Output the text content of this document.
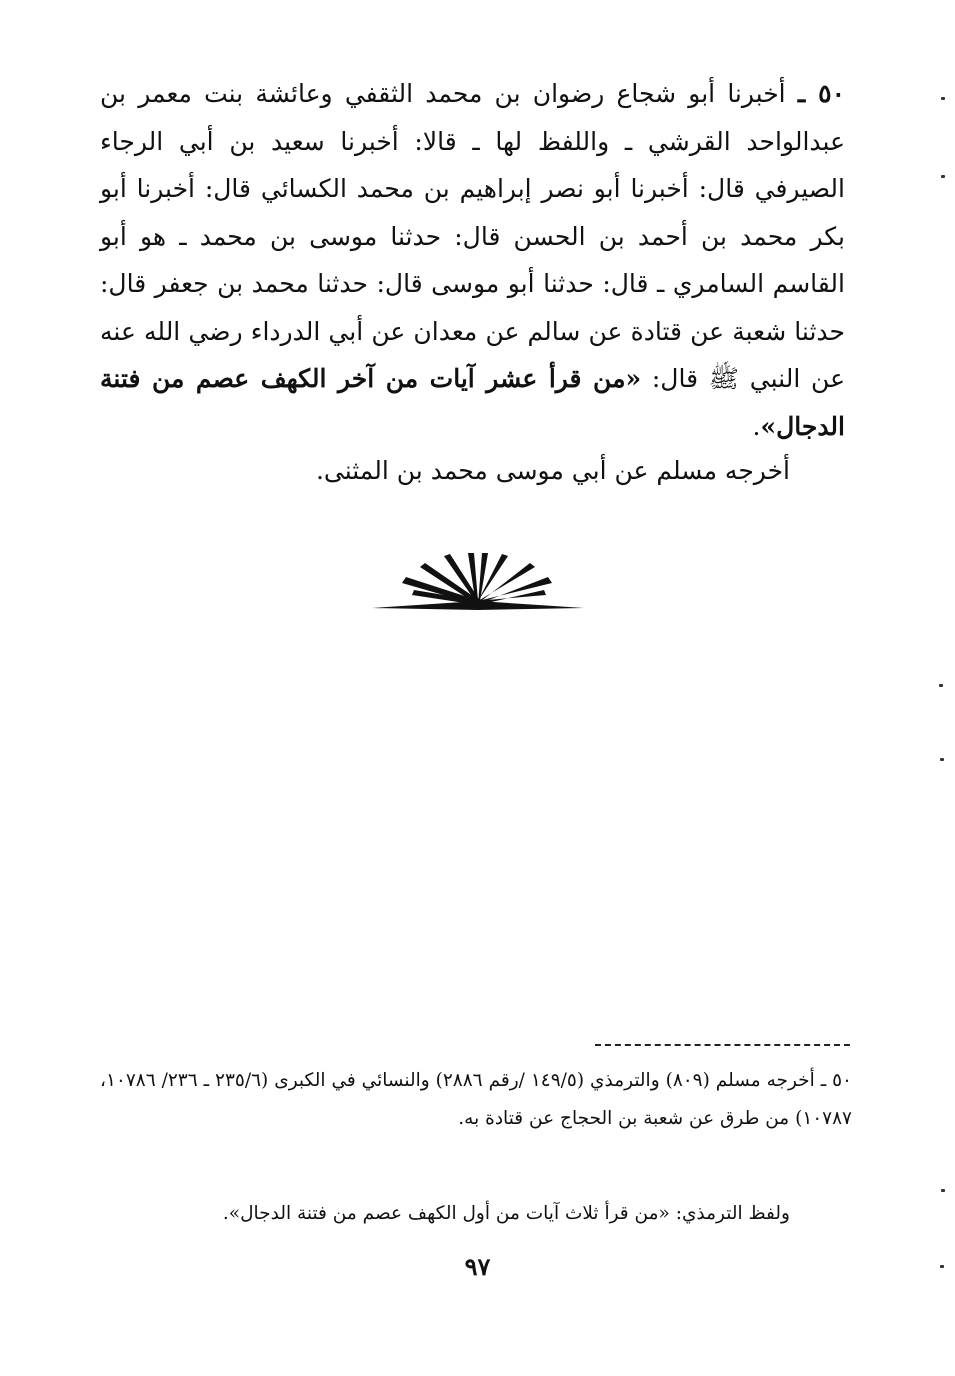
٥٠ ـ أخبرنا أبو شجاع رضوان بن محمد الثقفي وعائشة بنت معمر بن عبدالواحد القرشي ـ واللفظ لها ـ قالا: أخبرنا سعيد بن أبي الرجاء الصيرفي قال: أخبرنا أبو نصر إبراهيم بن محمد الكسائي قال: أخبرنا أبو بكر محمد بن أحمد بن الحسن قال: حدثنا موسى بن محمد ـ هو أبو القاسم السامري ـ قال: حدثنا أبو موسى قال: حدثنا محمد بن جعفر قال: حدثنا شعبة عن قتادة عن سالم عن معدان عن أبي الدرداء رضي الله عنه عن النبي ﷺ قال: «من قرأ عشر آيات من آخر الكهف عصم من فتنة الدجال».

أخرجه مسلم عن أبي موسى محمد بن المثنى.

٥٠ ـ أخرجه مسلم (٨٠٩) والترمذي (١٤٩/٥ /رقم ٢٨٨٦) والنسائي في الكبرى (٢٣٥/٦ ـ ٢٣٦/ ١٠٧٨٦، ١٠٧٨٧) من طرق عن شعبة بن الحجاج عن قتادة به.

ولفظ الترمذي: «من قرأ ثلاث آيات من أول الكهف عصم من فتنة الدجال».

٩٧
